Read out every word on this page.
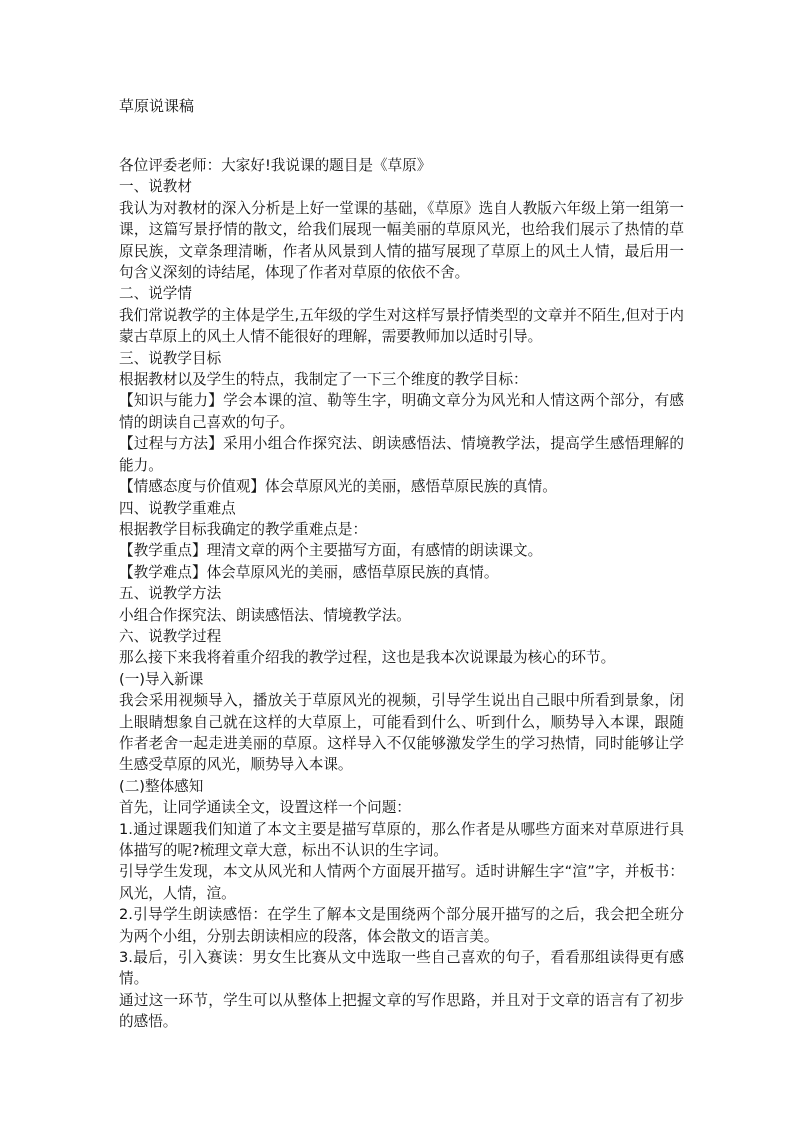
草原说课稿

各位评委老师：大家好!我说课的题目是《草原》

一、说教材

我认为对教材的深入分析是上好一堂课的基础，《草原》选自人教版六年级上第一组第一课，这篇写景抒情的散文，给我们展现一幅美丽的草原风光，也给我们展示了热情的草原民族，文章条理清晰，作者从风景到人情的描写展现了草原上的风土人情，最后用一句含义深刻的诗结尾，体现了作者对草原的依依不舍。

二、说学情

我们常说教学的主体是学生,五年级的学生对这样写景抒情类型的文章并不陌生,但对于内蒙古草原上的风土人情不能很好的理解，需要教师加以适时引导。

三、说教学目标

根据教材以及学生的特点，我制定了一下三个维度的教学目标：

【知识与能力】学会本课的渲、勒等生字，明确文章分为风光和人情这两个部分，有感情的朗读自己喜欢的句子。

【过程与方法】采用小组合作探究法、朗读感悟法、情境教学法，提高学生感悟理解的能力。

【情感态度与价值观】体会草原风光的美丽，感悟草原民族的真情。

四、说教学重难点

根据教学目标我确定的教学重难点是：

【教学重点】理清文章的两个主要描写方面，有感情的朗读课文。

【教学难点】体会草原风光的美丽，感悟草原民族的真情。

五、说教学方法

小组合作探究法、朗读感悟法、情境教学法。

六、说教学过程

那么接下来我将着重介绍我的教学过程，这也是我本次说课最为核心的环节。

(一)导入新课

我会采用视频导入，播放关于草原风光的视频，引导学生说出自己眼中所看到景象，闭上眼睛想象自己就在这样的大草原上，可能看到什么、听到什么，顺势导入本课，跟随作者老舍一起走进美丽的草原。这样导入不仅能够激发学生的学习热情，同时能够让学生感受草原的风光，顺势导入本课。

(二)整体感知

首先，让同学通读全文，设置这样一个问题：

1.通过课题我们知道了本文主要是描写草原的，那么作者是从哪些方面来对草原进行具体描写的呢?梳理文章大意，标出不认识的生字词。

引导学生发现，本文从风光和人情两个方面展开描写。适时讲解生字“渲”字，并板书：风光，人情，渲。

2.引导学生朗读感悟：在学生了解本文是围绕两个部分展开描写的之后，我会把全班分为两个小组，分别去朗读相应的段落，体会散文的语言美。

3.最后，引入赛读：男女生比赛从文中选取一些自己喜欢的句子，看看那组读得更有感情。

通过这一环节，学生可以从整体上把握文章的写作思路，并且对于文章的语言有了初步的感悟。
